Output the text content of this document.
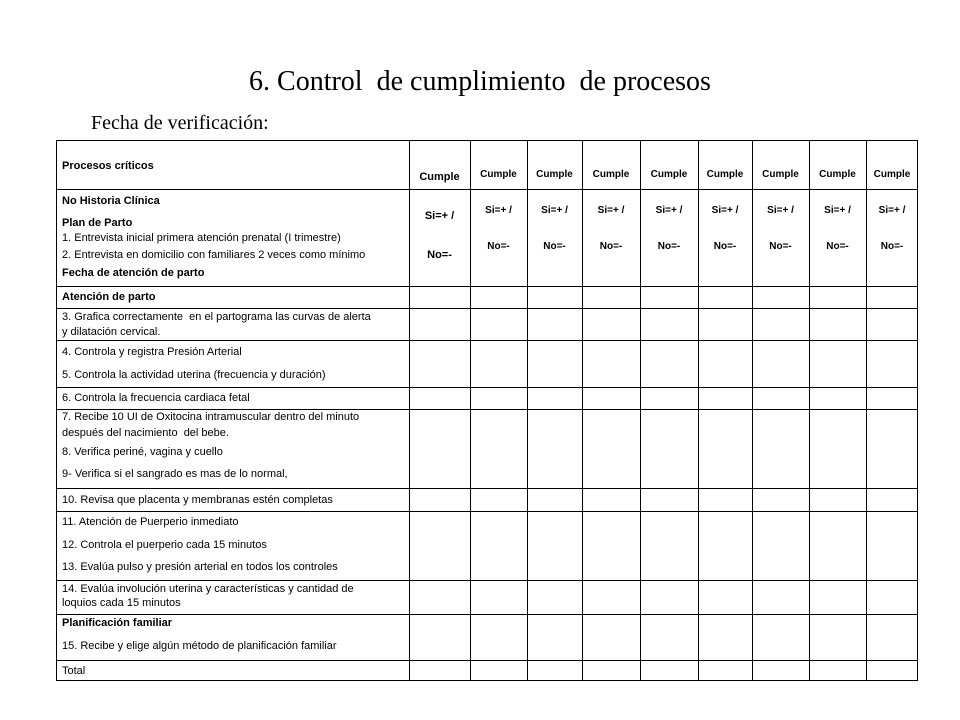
6. Control  de cumplimiento  de procesos
Fecha de verificación:
Procesos críticos

Cumple

Si=+ /

No=-

Cumple

Si=+ /

No=-

Cumple

Si=+ /

No=-

Cumple

Si=+ /

No=-

Cumple

Si=+ /

No=-

Cumple

Si=+ /

No=-

Cumple

Si=+ /

No=-

Cumple

Si=+ /

No=-

Cumple

Si=+ /

No=-

No Historia Clínica
Plan de Parto
1. Entrevista inicial primera atención prenatal (I trimestre)
2. Entrevista en domicilio con familiares 2 veces como mínimo
Fecha de atención de parto
Atención de parto
3. Grafica correctamente  en el partograma las curvas de alerta
y dilatación cervical.
4. Controla y registra Presión Arterial
5. Controla la actividad uterina (frecuencia y duración)
6. Controla la frecuencia cardiaca fetal
7. Recibe 10 UI de Oxitocina intramuscular dentro del minuto
después del nacimiento  del bebe.
8. Verifica periné, vagina y cuello
9- Verifica si el sangrado es mas de lo normal,
10. Revisa que placenta y membranas estén completas
11. Atención de Puerperio inmediato
12. Controla el puerperio cada 15 minutos
13. Evalúa pulso y presión arterial en todos los controles
14. Evalúa involución uterina y características y cantidad de
loquios cada 15 minutos
Planificación familiar
15. Recibe y elige algún método de planificación familiar
Total
